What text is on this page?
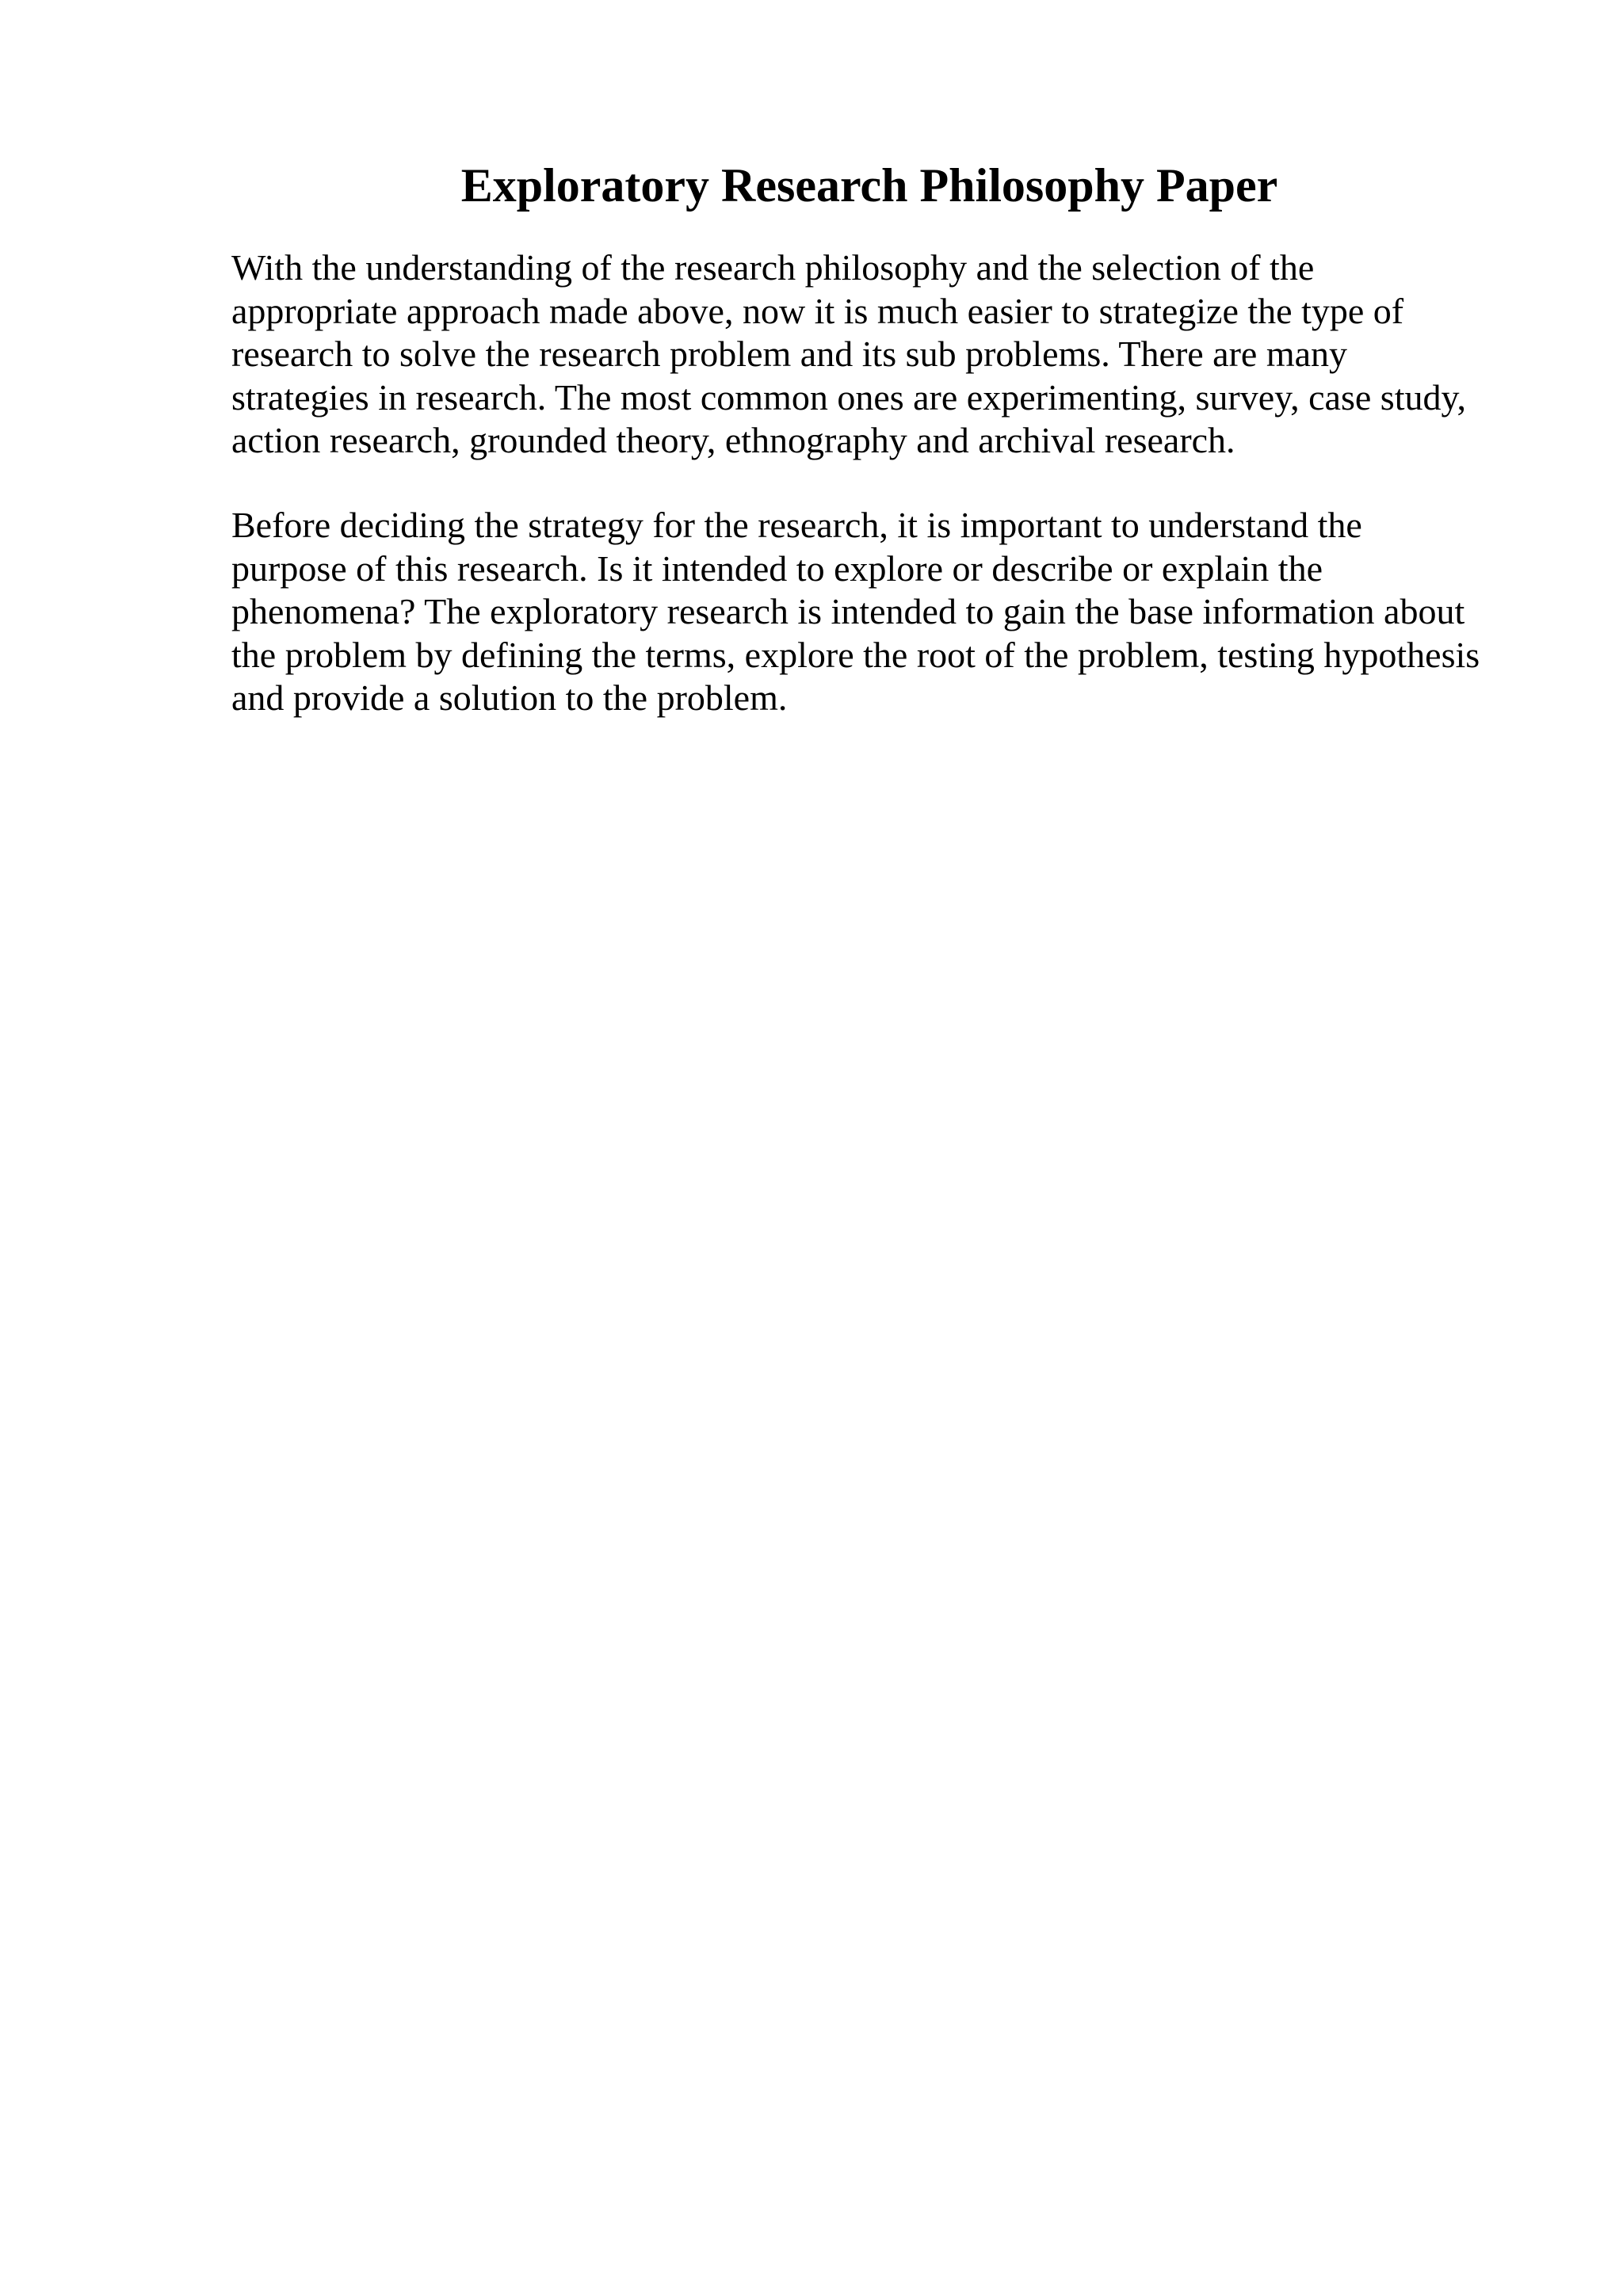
Exploratory Research Philosophy Paper

With the understanding of the research philosophy and the selection of the
appropriate approach made above, now it is much easier to strategize the type of
research to solve the research problem and its sub problems. There are many
strategies in research. The most common ones are experimenting, survey, case study,
action research, grounded theory, ethnography and archival research.

Before deciding the strategy for the research, it is important to understand the
purpose of this research. Is it intended to explore or describe or explain the
phenomena? The exploratory research is intended to gain the base information about
the problem by defining the terms, explore the root of the problem, testing hypothesis
and provide a solution to the problem.
